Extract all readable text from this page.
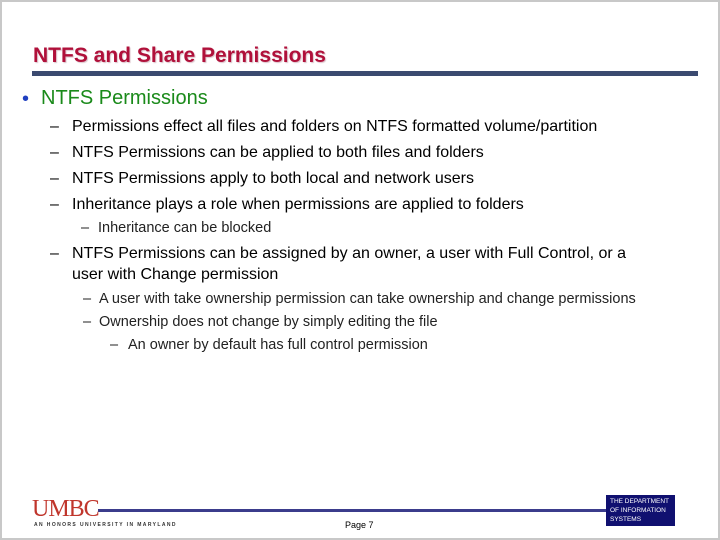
NTFS and Share Permissions
• NTFS Permissions
– Permissions effect all files and folders on NTFS formatted volume/partition
– NTFS Permissions can be applied to both files and folders
– NTFS Permissions apply to both local and network users
– Inheritance plays a role when permissions are applied to folders
– Inheritance can be blocked
– NTFS Permissions can be assigned by an owner, a user with Full Control, or a
user with Change permission
– A user with take ownership permission can take ownership and change permissions
– Ownership does not change by simply editing the file
– An owner by default has full control permission
UMBC
AN HONORS UNIVERSITY IN MARYLAND	Page 7
THE DEPARTMENT
OF INFORMATION
SYSTEMS
